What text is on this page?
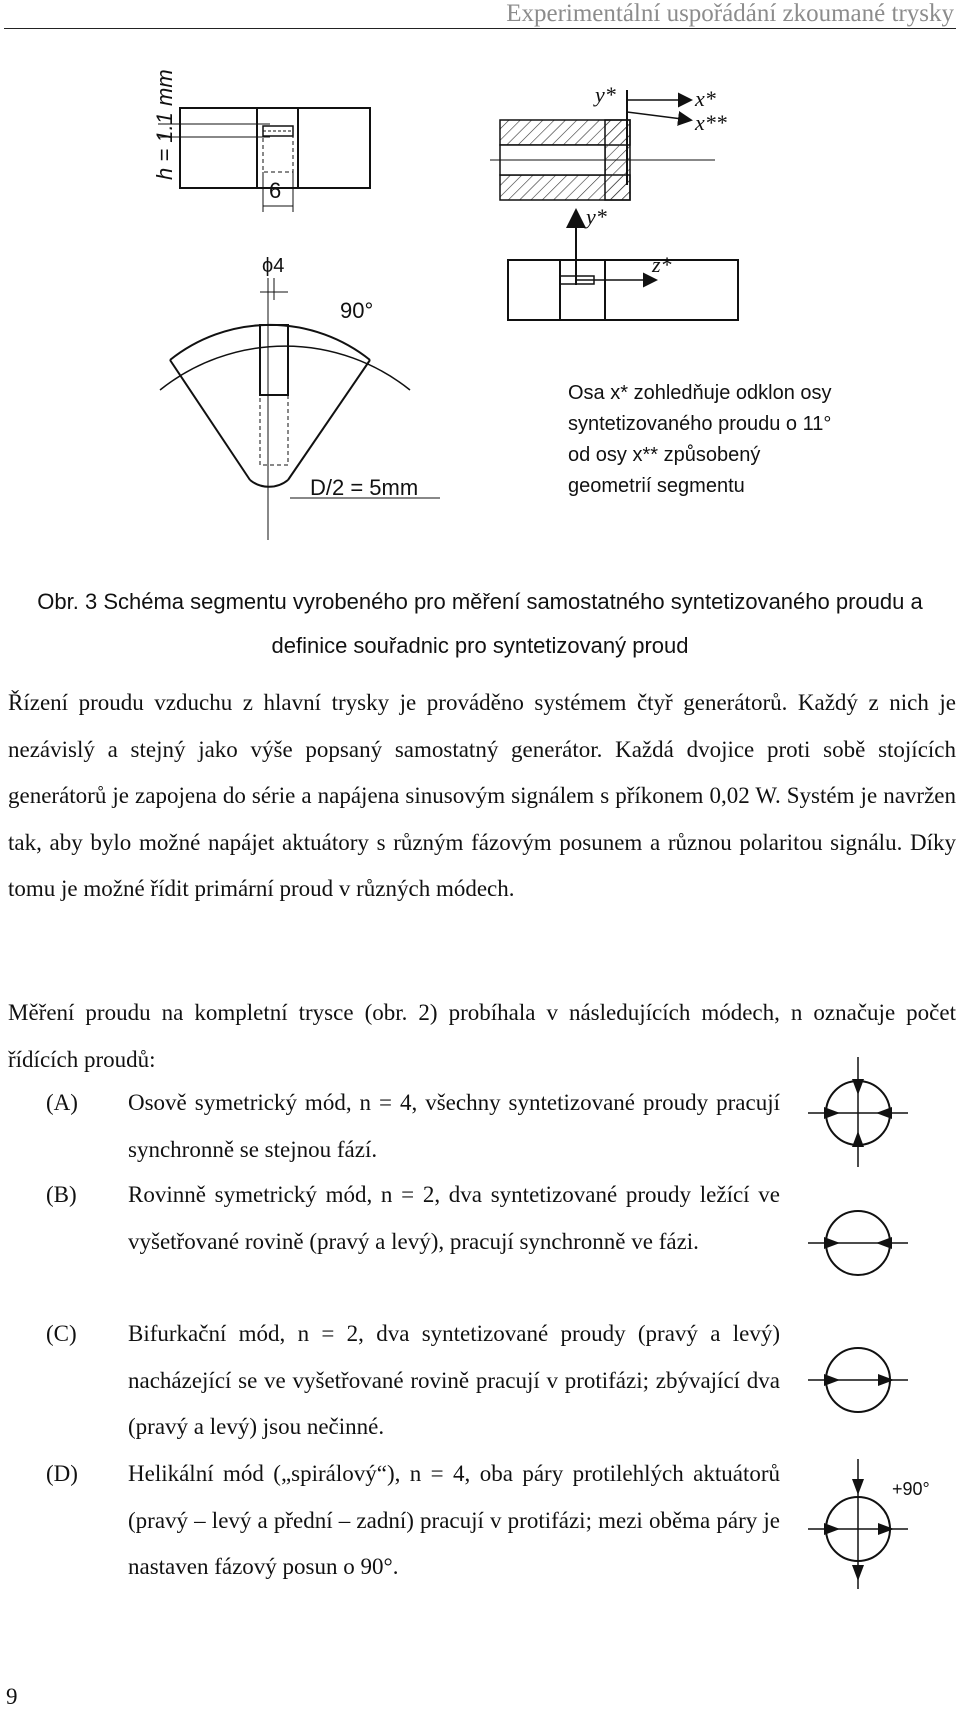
Experimentální uspořádání zkoumané trysky
h = 1.1 mm
6
ϕ4
90°
D/2 = 5mm
y*	x*
x**
y*
z*
Osa x* zohledňuje odklon osy
syntetizovaného proudu o 11°
od osy x** způsobený
geometrií segmentu
Obr. 3 Schéma segmentu vyrobeného pro měření samostatného syntetizovaného proudu a
definice souřadnic pro syntetizovaný proud
Řízení proudu vzduchu z hlavní trysky je prováděno systémem čtyř generátorů. Každý z nich je nezávislý a stejný jako výše popsaný samostatný generátor. Každá dvojice proti sobě stojících generátorů je zapojena do série a napájena sinusovým signálem s příkonem 0,02 W. Systém je navržen tak, aby bylo možné napájet aktuátory s různým fázovým posunem a různou polaritou signálu. Díky tomu je možné řídit primární proud v různých módech.
Měření proudu na kompletní trysce (obr. 2) probíhala v následujících módech, n označuje počet řídících proudů:
(A) Osově symetrický mód, n = 4, všechny syntetizované proudy pracují synchronně se stejnou fází.
(B) Rovinně symetrický mód, n = 2, dva syntetizované proudy ležící ve vyšetřované rovině (pravý a levý), pracují synchronně ve fázi.
(C) Bifurkační mód, n = 2, dva syntetizované proudy (pravý a levý) nacházející se ve vyšetřované rovině pracují v protifázi; zbývající dva (pravý a levý) jsou nečinné.
(D) Helikální mód („spirálový“), n = 4, oba páry protilehlých aktuátorů (pravý – levý a přední – zadní) pracují v protifázi; mezi oběma páry je nastaven fázový posun o 90°.
+90°
9
